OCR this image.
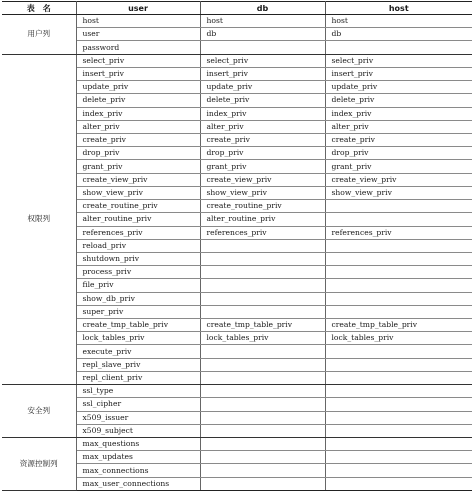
表　名	user	db	host
用户列	host	host	host
	user	db	db
	password		
权限列	select_priv	select_priv	select_priv
	insert_priv	insert_priv	insert_priv
	update_priv	update_priv	update_priv
	delete_priv	delete_priv	delete_priv
	index_priv	index_priv	index_priv
	alter_priv	alter_priv	alter_priv
	create_priv	create_priv	create_priv
	drop_priv	drop_priv	drop_priv
	grant_priv	grant_priv	grant_priv
	create_view_priv	create_view_priv	create_view_priv
	show_view_priv	show_view_priv	show_view_priv
	create_routine_priv	create_routine_priv	
	alter_routine_priv	alter_routine_priv	
	references_priv	references_priv	references_priv
	reload_priv		
	shutdown_priv		
	process_priv		
	file_priv		
	show_db_priv		
	super_priv		
	create_tmp_table_priv	create_tmp_table_priv	create_tmp_table_priv
	lock_tables_priv	lock_tables_priv	lock_tables_priv
	execute_priv		
	repl_slave_priv		
	repl_client_priv		
安全列	ssl_type		
	ssl_cipher		
	x509_issuer		
	x509_subject		
资源控制列	max_questions		
	max_updates		
	max_connections		
	max_user_connections		
